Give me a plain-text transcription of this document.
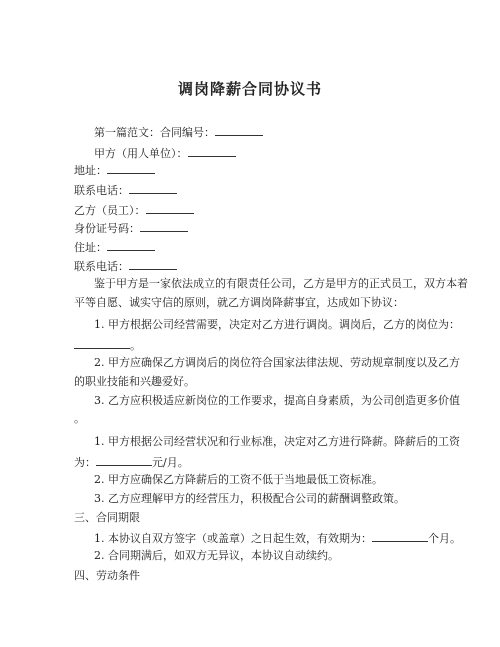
调岗降薪合同协议书
第一篇范文：合同编号：
甲方（用人单位）：
地址：
联系电话：
乙方（员工）：
身份证号码：
住址：
联系电话：
鉴于甲方是一家依法成立的有限责任公司，乙方是甲方的正式员工，双方本着
平等自愿、诚实守信的原则，就乙方调岗降薪事宜，达成如下协议：
1. 甲方根据公司经营需要，决定对乙方进行调岗。调岗后，乙方的岗位为：
。
2. 甲方应确保乙方调岗后的岗位符合国家法律法规、劳动规章制度以及乙方
的职业技能和兴趣爱好。
3. 乙方应积极适应新岗位的工作要求，提高自身素质，为公司创造更多价值
。
1. 甲方根据公司经营状况和行业标准，决定对乙方进行降薪。降薪后的工资
为：	元/月。
2. 甲方应确保乙方降薪后的工资不低于当地最低工资标准。
3. 乙方应理解甲方的经营压力，积极配合公司的薪酬调整政策。
三、合同期限
1. 本协议自双方签字（或盖章）之日起生效，有效期为：	个月。
2. 合同期满后，如双方无异议，本协议自动续约。
四、劳动条件
